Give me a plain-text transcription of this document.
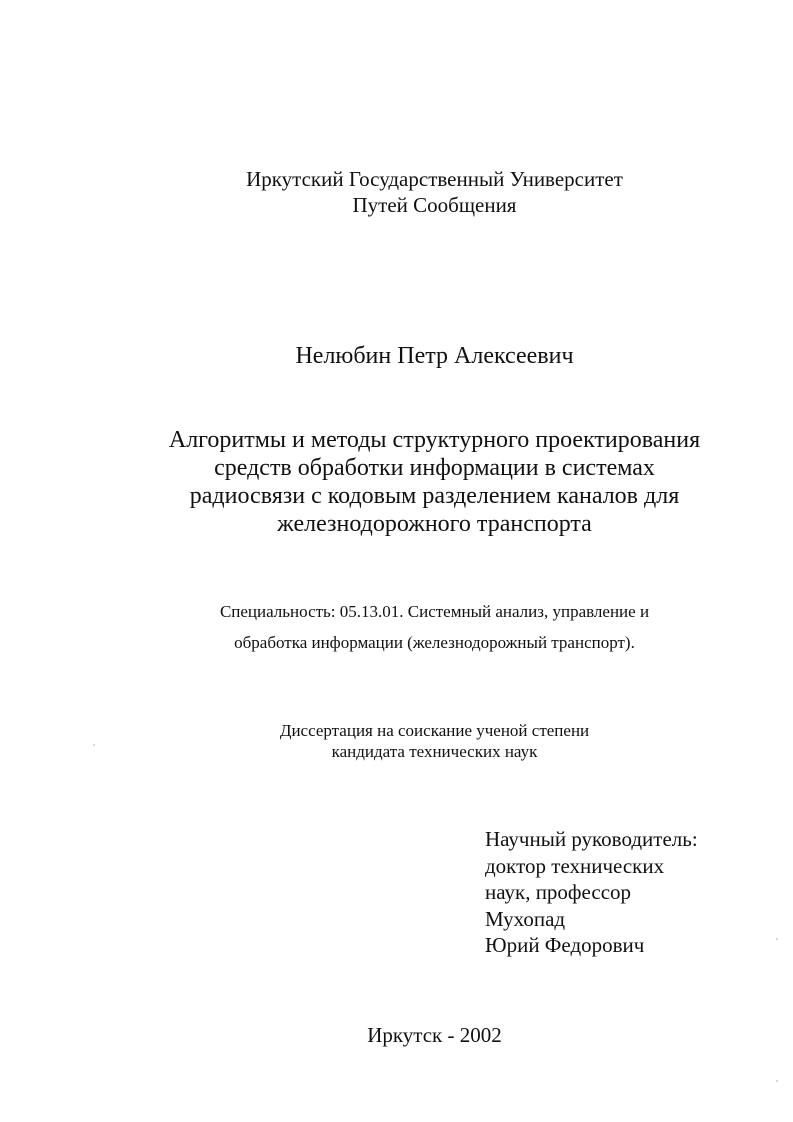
Иркутский Государственный Университет
Путей Сообщения
Нелюбин Петр Алексеевич
Алгоритмы и методы структурного проектирования
средств обработки информации в системах
радиосвязи с кодовым разделением каналов для
железнодорожного транспорта
Специальность: 05.13.01. Системный анализ, управление и
обработка информации (железнодорожный транспорт).
Диссертация на соискание ученой степени
кандидата технических наук
Научный руководитель:
доктор технических
наук, профессор
Мухопад
Юрий Федорович
Иркутск - 2002
